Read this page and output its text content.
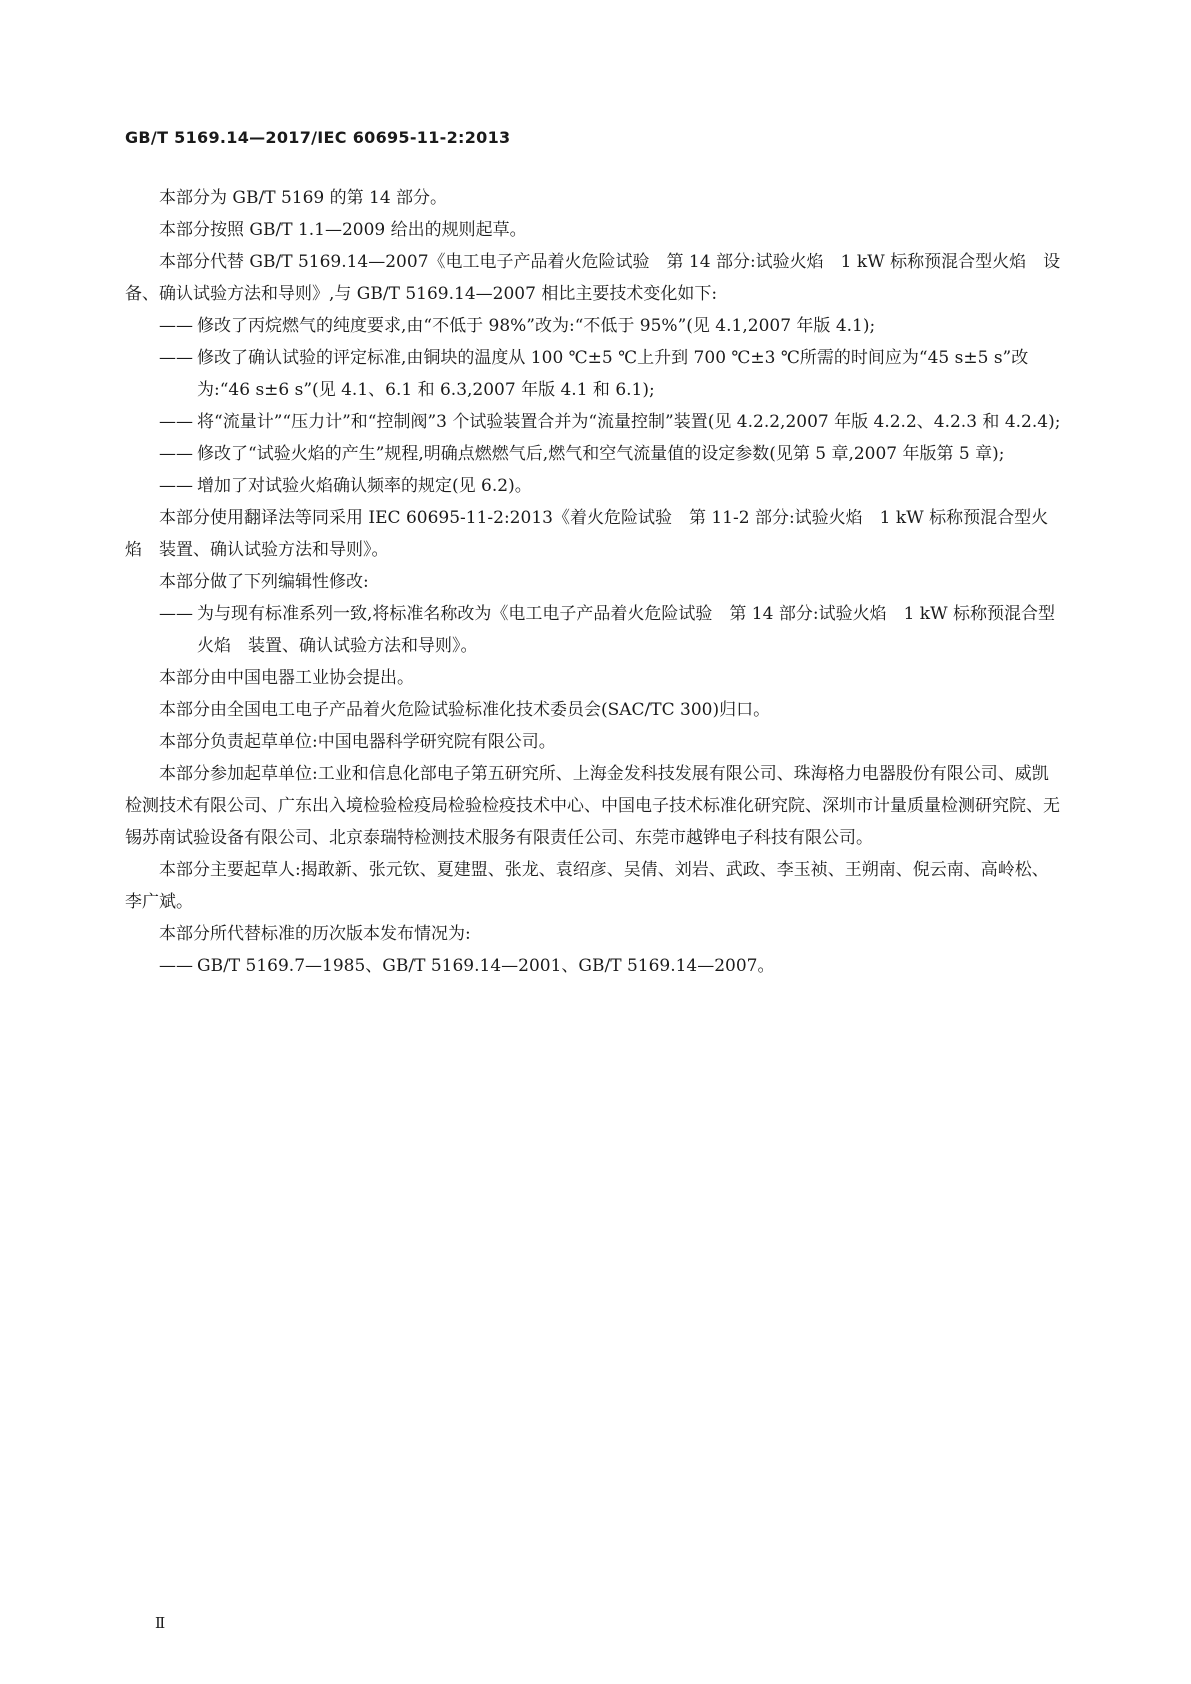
GB/T 5169.14—2017/IEC 60695-11-2:2013

本部分为 GB/T 5169 的第 14 部分。

本部分按照 GB/T 1.1—2009 给出的规则起草。

本部分代替 GB/T 5169.14—2007《电工电子产品着火危险试验　第 14 部分:试验火焰　1 kW 标称预混合型火焰　设备、确认试验方法和导则》,与 GB/T 5169.14—2007 相比主要技术变化如下:

—— 修改了丙烷燃气的纯度要求,由“不低于 98%”改为:“不低于 95%”(见 4.1,2007 年版 4.1);

—— 修改了确认试验的评定标准,由铜块的温度从 100 ℃±5 ℃上升到 700 ℃±3 ℃所需的时间应为“45 s±5 s”改为:“46 s±6 s”(见 4.1、6.1 和 6.3,2007 年版 4.1 和 6.1);

—— 将“流量计”“压力计”和“控制阀”3 个试验装置合并为“流量控制”装置(见 4.2.2,2007 年版 4.2.2、4.2.3 和 4.2.4);

—— 修改了“试验火焰的产生”规程,明确点燃燃气后,燃气和空气流量值的设定参数(见第 5 章,2007 年版第 5 章);

—— 增加了对试验火焰确认频率的规定(见 6.2)。

本部分使用翻译法等同采用 IEC 60695-11-2:2013《着火危险试验　第 11-2 部分:试验火焰　1 kW 标称预混合型火焰　装置、确认试验方法和导则》。

本部分做了下列编辑性修改:

—— 为与现有标准系列一致,将标准名称改为《电工电子产品着火危险试验　第 14 部分:试验火焰　1 kW 标称预混合型火焰　装置、确认试验方法和导则》。

本部分由中国电器工业协会提出。

本部分由全国电工电子产品着火危险试验标准化技术委员会(SAC/TC 300)归口。

本部分负责起草单位:中国电器科学研究院有限公司。

本部分参加起草单位:工业和信息化部电子第五研究所、上海金发科技发展有限公司、珠海格力电器股份有限公司、威凯检测技术有限公司、广东出入境检验检疫局检验检疫技术中心、中国电子技术标准化研究院、深圳市计量质量检测研究院、无锡苏南试验设备有限公司、北京泰瑞特检测技术服务有限责任公司、东莞市越铧电子科技有限公司。

本部分主要起草人:揭敢新、张元钦、夏建盟、张龙、袁绍彦、吴倩、刘岩、武政、李玉祯、王朔南、倪云南、高岭松、李广斌。

本部分所代替标准的历次版本发布情况为:

—— GB/T 5169.7—1985、GB/T 5169.14—2001、GB/T 5169.14—2007。

Ⅱ
